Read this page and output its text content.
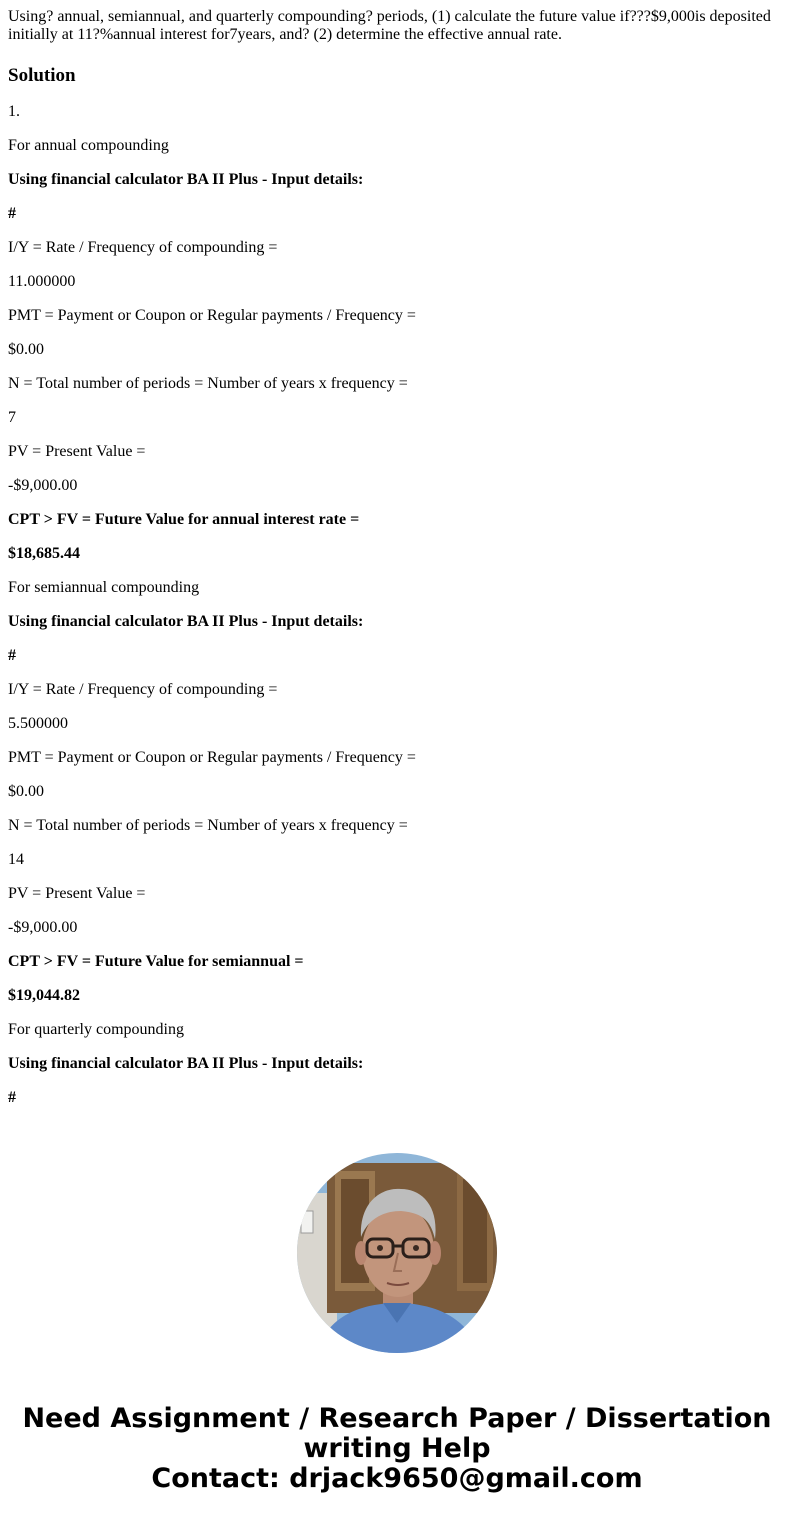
Using? annual, semiannual, and quarterly compounding? periods, (1) calculate the future value if???$9,000is deposited initially at 11?%annual interest for7years, and? (2) determine the effective annual rate.

Solution

1.

For annual compounding

Using financial calculator BA II Plus - Input details:

#

I/Y = Rate / Frequency of compounding =

11.000000

PMT = Payment or Coupon or Regular payments / Frequency =

$0.00

N = Total number of periods = Number of years x frequency =

7

PV = Present Value =

-$9,000.00

CPT > FV = Future Value for annual interest rate =

$18,685.44

For semiannual compounding

Using financial calculator BA II Plus - Input details:

#

I/Y = Rate / Frequency of compounding =

5.500000

PMT = Payment or Coupon or Regular payments / Frequency =

$0.00

N = Total number of periods = Number of years x frequency =

14

PV = Present Value =

-$9,000.00

CPT > FV = Future Value for semiannual =

$19,044.82

For quarterly compounding

Using financial calculator BA II Plus - Input details:

#

Need Assignment / Research Paper / Dissertation
writing Help
Contact: drjack9650@gmail.com
